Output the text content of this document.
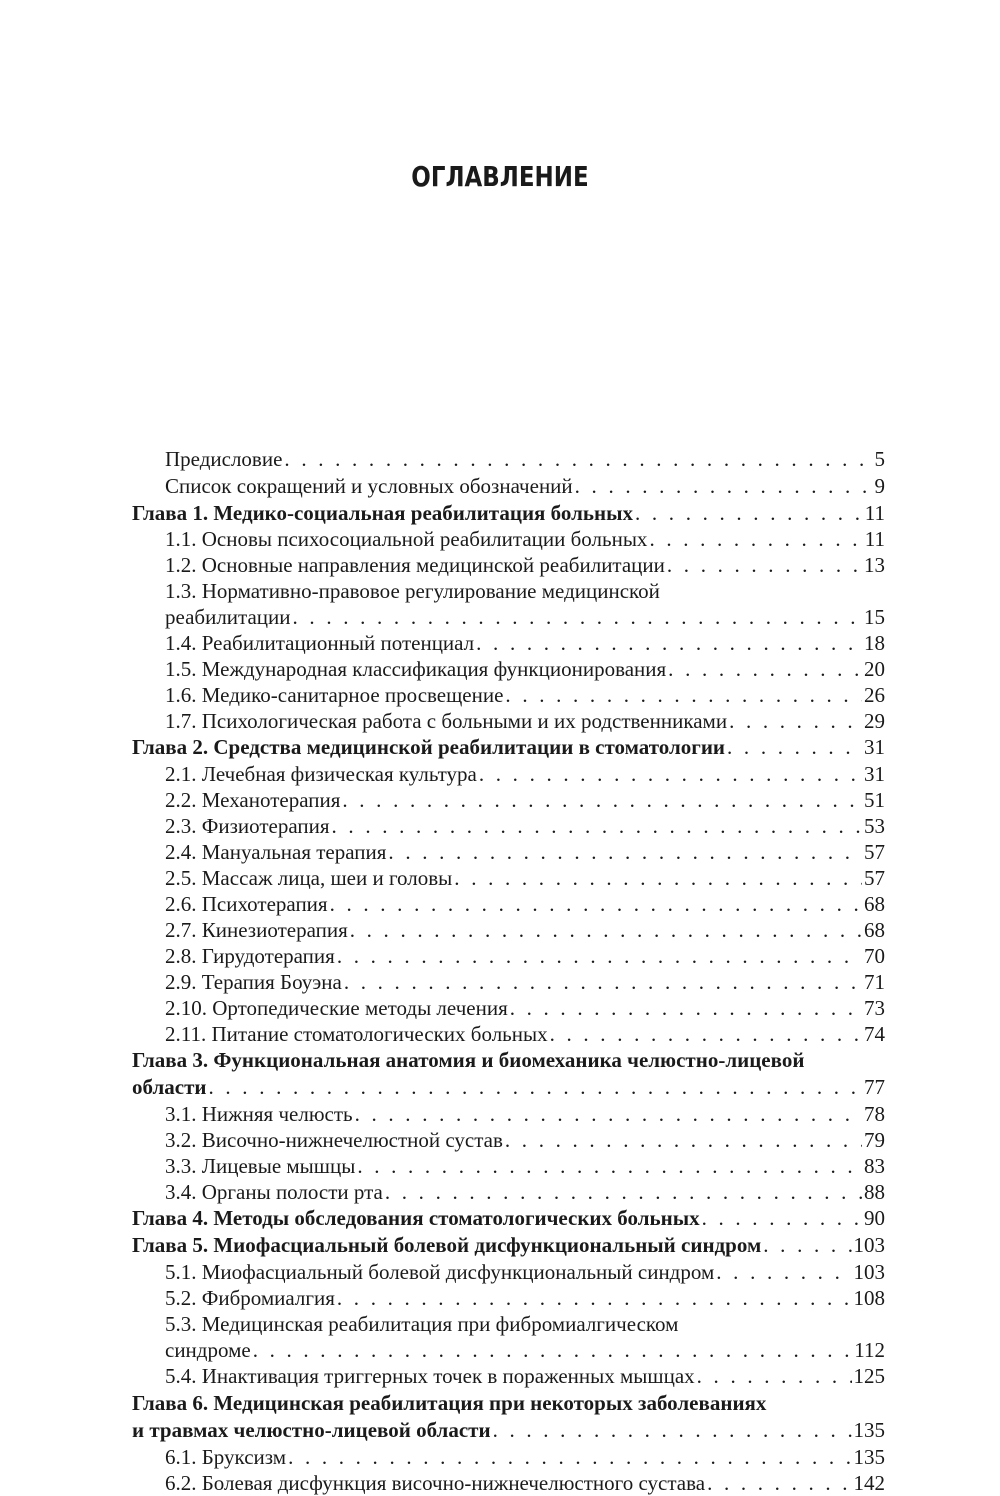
ОГЛАВЛЕНИЕ
Предисловие . . .	5
Список сокращений и условных обозначений . . .	9
Глава 1. Медико-социальная реабилитация больных . . .	11
1.1. Основы психосоциальной реабилитации больных . . .	11
1.2. Основные направления медицинской реабилитации . . .	13
1.3. Нормативно-правовое регулирование медицинской
реабилитации . . .	15
1.4. Реабилитационный потенциал . . .	18
1.5. Международная классификация функционирования . . .	20
1.6. Медико-санитарное просвещение . . .	26
1.7. Психологическая работа с больными и их родственниками . . .	29
Глава 2. Средства медицинской реабилитации в стоматологии . . .	31
2.1. Лечебная физическая культура . . .	31
2.2. Механотерапия . . .	51
2.3. Физиотерапия . . .	53
2.4. Мануальная терапия . . .	57
2.5. Массаж лица, шеи и головы . . .	57
2.6. Психотерапия . . .	68
2.7. Кинезиотерапия . . .	68
2.8. Гирудотерапия . . .	70
2.9. Терапия Боуэна . . .	71
2.10. Ортопедические методы лечения . . .	73
2.11. Питание стоматологических больных . . .	74
Глава 3. Функциональная анатомия и биомеханика челюстно-лицевой
области . . .	77
3.1. Нижняя челюсть . . .	78
3.2. Височно-нижнечелюстной сустав . . .	79
3.3. Лицевые мышцы . . .	83
3.4. Органы полости рта . . .	88
Глава 4. Методы обследования стоматологических больных . . .	90
Глава 5. Миофасциальный болевой дисфункциональный синдром . . .	103
5.1. Миофасциальный болевой дисфункциональный синдром . . .	103
5.2. Фибромиалгия . . .	108
5.3. Медицинская реабилитация при фибромиалгическом
синдроме . . .	112
5.4. Инактивация триггерных точек в пораженных мышцах . . .	125
Глава 6. Медицинская реабилитация при некоторых заболеваниях
и травмах челюстно-лицевой области . . .	135
6.1. Бруксизм . . .	135
6.2. Болевая дисфункция височно-нижнечелюстного сустава . . .	142
